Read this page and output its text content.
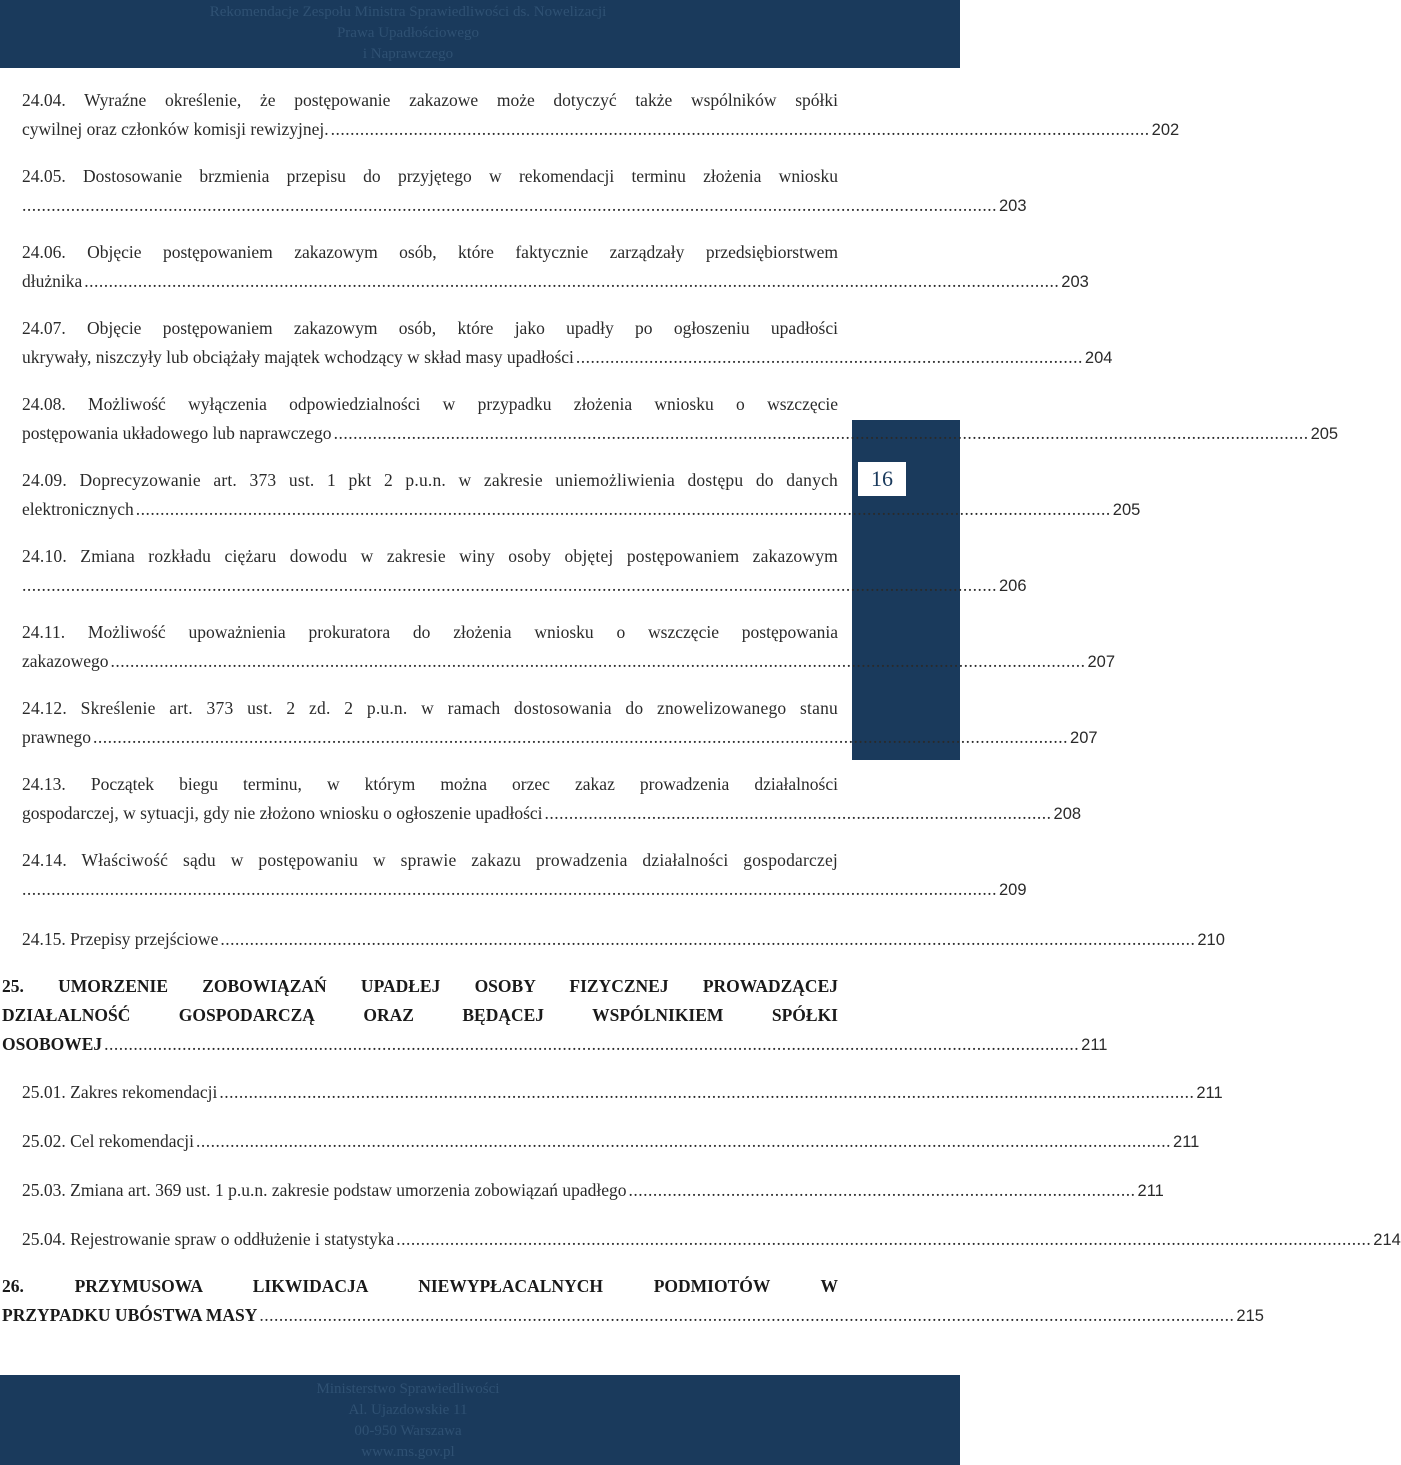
Rekomendacje Zespołu Ministra Sprawiedliwości ds. Nowelizacji
Prawa Upadłościowego
i Naprawczego
16
24.04. Wyraźne określenie, że postępowanie zakazowe może dotyczyć także wspólników spółki
cywilnej oraz członków komisji rewizyjnej. ........................................................................................................................................................................ 202
24.05. Dostosowanie brzmienia przepisu do przyjętego w rekomendacji terminu złożenia wniosku
........................................................................................................................................................................................................ 203
24.06. Objęcie postępowaniem zakazowym osób, które faktycznie zarządzały przedsiębiorstwem
dłużnika ........................................................................................................................................................................................................ 203
24.07. Objęcie postępowaniem zakazowym osób, które jako upadły po ogłoszeniu upadłości
ukrywały, niszczyły lub obciążały majątek wchodzący w skład masy upadłości ........................................................................................................ 204
24.08. Możliwość wyłączenia odpowiedzialności w przypadku złożenia wniosku o wszczęcie
postępowania układowego lub naprawczego ........................................................................................................................................................................................................ 205
24.09. Doprecyzowanie art. 373 ust. 1 pkt 2 p.u.n. w zakresie uniemożliwienia dostępu do danych
elektronicznych ........................................................................................................................................................................................................ 205
24.10. Zmiana rozkładu ciężaru dowodu w zakresie winy osoby objętej postępowaniem zakazowym
........................................................................................................................................................................................................ 206
24.11. Możliwość upoważnienia prokuratora do złożenia wniosku o wszczęcie postępowania
zakazowego ........................................................................................................................................................................................................ 207
24.12. Skreślenie art. 373 ust. 2 zd. 2 p.u.n. w ramach dostosowania do znowelizowanego stanu
prawnego ........................................................................................................................................................................................................ 207
24.13. Początek biegu terminu, w którym można orzec zakaz prowadzenia działalności
gospodarczej, w sytuacji, gdy nie złożono wniosku o ogłoszenie upadłości ........................................................................................................ 208
24.14. Właściwość sądu w postępowaniu w sprawie zakazu prowadzenia działalności gospodarczej
........................................................................................................................................................................................................ 209
24.15. Przepisy przejściowe ........................................................................................................................................................................................................ 210
25. UMORZENIE ZOBOWIĄZAŃ UPADŁEJ OSOBY FIZYCZNEJ PROWADZĄCEJ
DZIAŁALNOŚĆ GOSPODARCZĄ ORAZ BĘDĄCEJ WSPÓLNIKIEM SPÓŁKI
OSOBOWEJ ........................................................................................................................................................................................................ 211
25.01. Zakres rekomendacji ........................................................................................................................................................................................................ 211
25.02. Cel rekomendacji ........................................................................................................................................................................................................ 211
25.03. Zmiana art. 369 ust. 1 p.u.n. zakresie podstaw umorzenia zobowiązań upadłego ........................................................................................................ 211
25.04. Rejestrowanie spraw o oddłużenie i statystyka ........................................................................................................................................................................................................ 214
26. PRZYMUSOWA LIKWIDACJA NIEWYPŁACALNYCH PODMIOTÓW W
PRZYPADKU UBÓSTWA MASY ........................................................................................................................................................................................................ 215
Ministerstwo Sprawiedliwości
Al. Ujazdowskie 11
00-950 Warszawa
www.ms.gov.pl
